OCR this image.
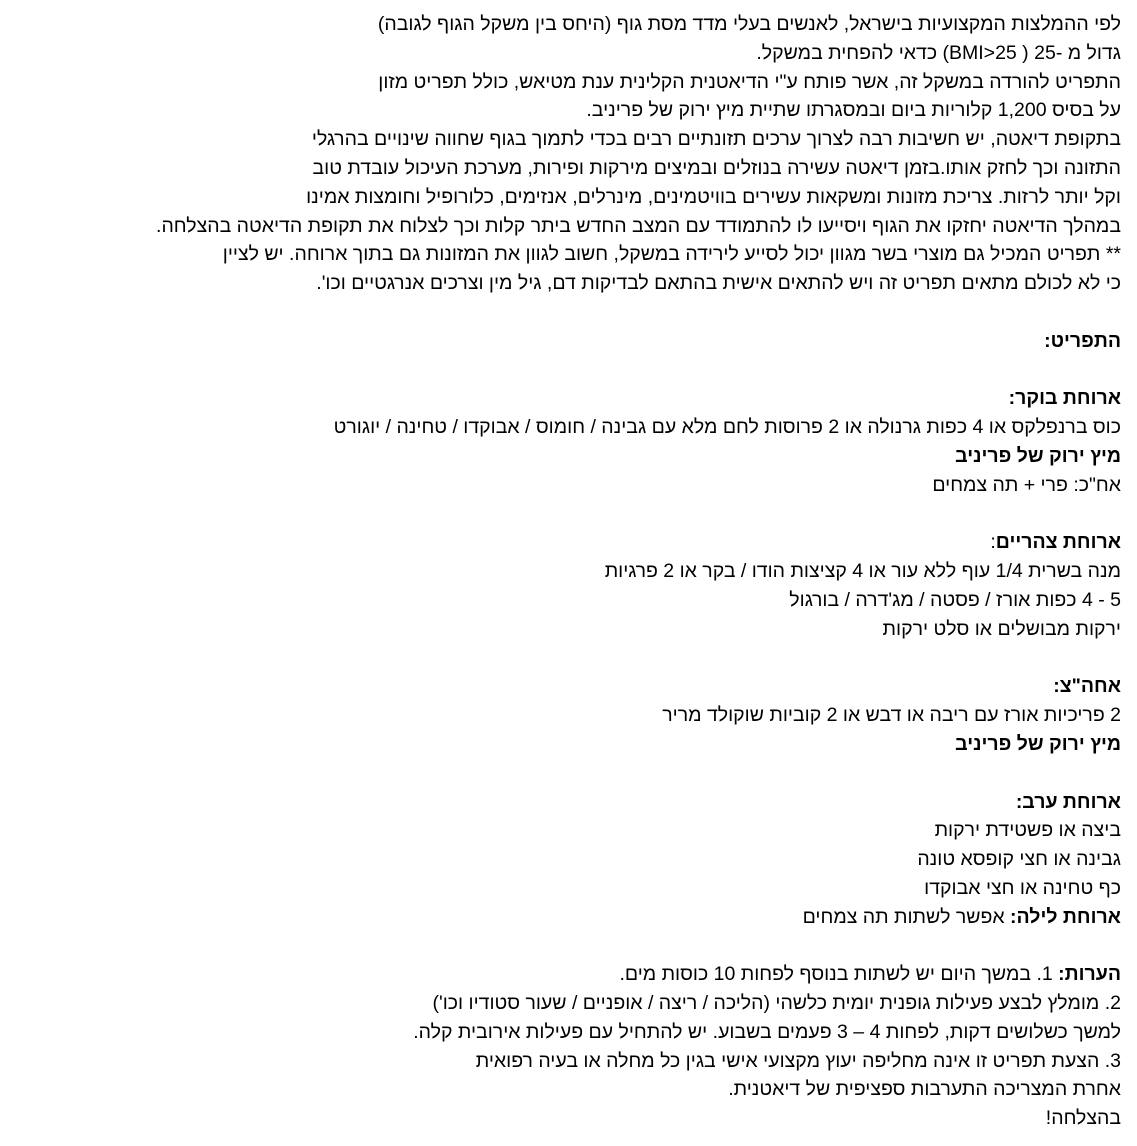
לפי ההמלצות המקצועיות בישראל, לאנשים בעלי מדד מסת גוף (היחס בין משקל הגוף לגובה)
גדול מ -25 ( BMI>25) כדאי להפחית במשקל.
התפריט להורדה במשקל זה, אשר פותח ע"י הדיאטנית הקלינית ענת מטיאש, כולל תפריט מזון
על בסיס 1,200 קלוריות ביום ובמסגרתו שתיית מיץ ירוק של פריניב.
בתקופת דיאטה, יש חשיבות רבה לצרוך ערכים תזונתיים רבים בכדי לתמוך בגוף שחווה שינויים בהרגלי
התזונה וכך לחזק אותו.בזמן דיאטה עשירה בנוזלים ובמיצים מירקות ופירות, מערכת העיכול עובדת טוב
וקל יותר לרזות. צריכת מזונות ומשקאות עשירים בוויטמינים, מינרלים, אנזימים, כלורופיל וחומצות אמינו
במהלך הדיאטה יחזקו את הגוף ויסייעו לו להתמודד עם המצב החדש ביתר קלות וכך לצלוח את תקופת הדיאטה בהצלחה.
** תפריט המכיל גם מוצרי בשר מגוון יכול לסייע לירידה במשקל, חשוב לגוון את המזונות גם בתוך ארוחה. יש לציין
כי לא לכולם מתאים תפריט זה ויש להתאים אישית בהתאם לבדיקות דם, גיל מין וצרכים אנרגטיים וכו'.
התפריט:
ארוחת בוקר:
כוס ברנפלקס או 4 כפות גרנולה או 2 פרוסות לחם מלא עם גבינה / חומוס / אבוקדו / טחינה / יוגורט
מיץ ירוק של פריניב
אח"כ: פרי + תה צמחים
ארוחת צהריים:
מנה בשרית 1/4 עוף ללא עור או 4 קציצות הודו / בקר או 2 פרגיות
5 - 4 כפות אורז / פסטה / מג'דרה / בורגול
ירקות מבושלים או סלט ירקות
אחה"צ:
2 פריכיות אורז עם ריבה או דבש או 2 קוביות שוקולד מריר
מיץ ירוק של פריניב
ארוחת ערב:
ביצה או פשטידת ירקות
גבינה או חצי קופסא טונה
כף טחינה או חצי אבוקדו
ארוחת לילה: אפשר לשתות תה צמחים
הערות: 1. במשך היום יש לשתות בנוסף לפחות 10 כוסות מים.
2. מומלץ לבצע פעילות גופנית יומית כלשהי (הליכה / ריצה / אופניים / שעור סטודיו וכו')
למשך כשלושים דקות, לפחות 4 – 3 פעמים בשבוע. יש להתחיל עם פעילות אירובית קלה.
3. הצעת תפריט זו אינה מחליפה יעוץ מקצועי אישי בגין כל מחלה או בעיה רפואית
אחרת המצריכה התערבות ספציפית של דיאטנית.
בהצלחה!
